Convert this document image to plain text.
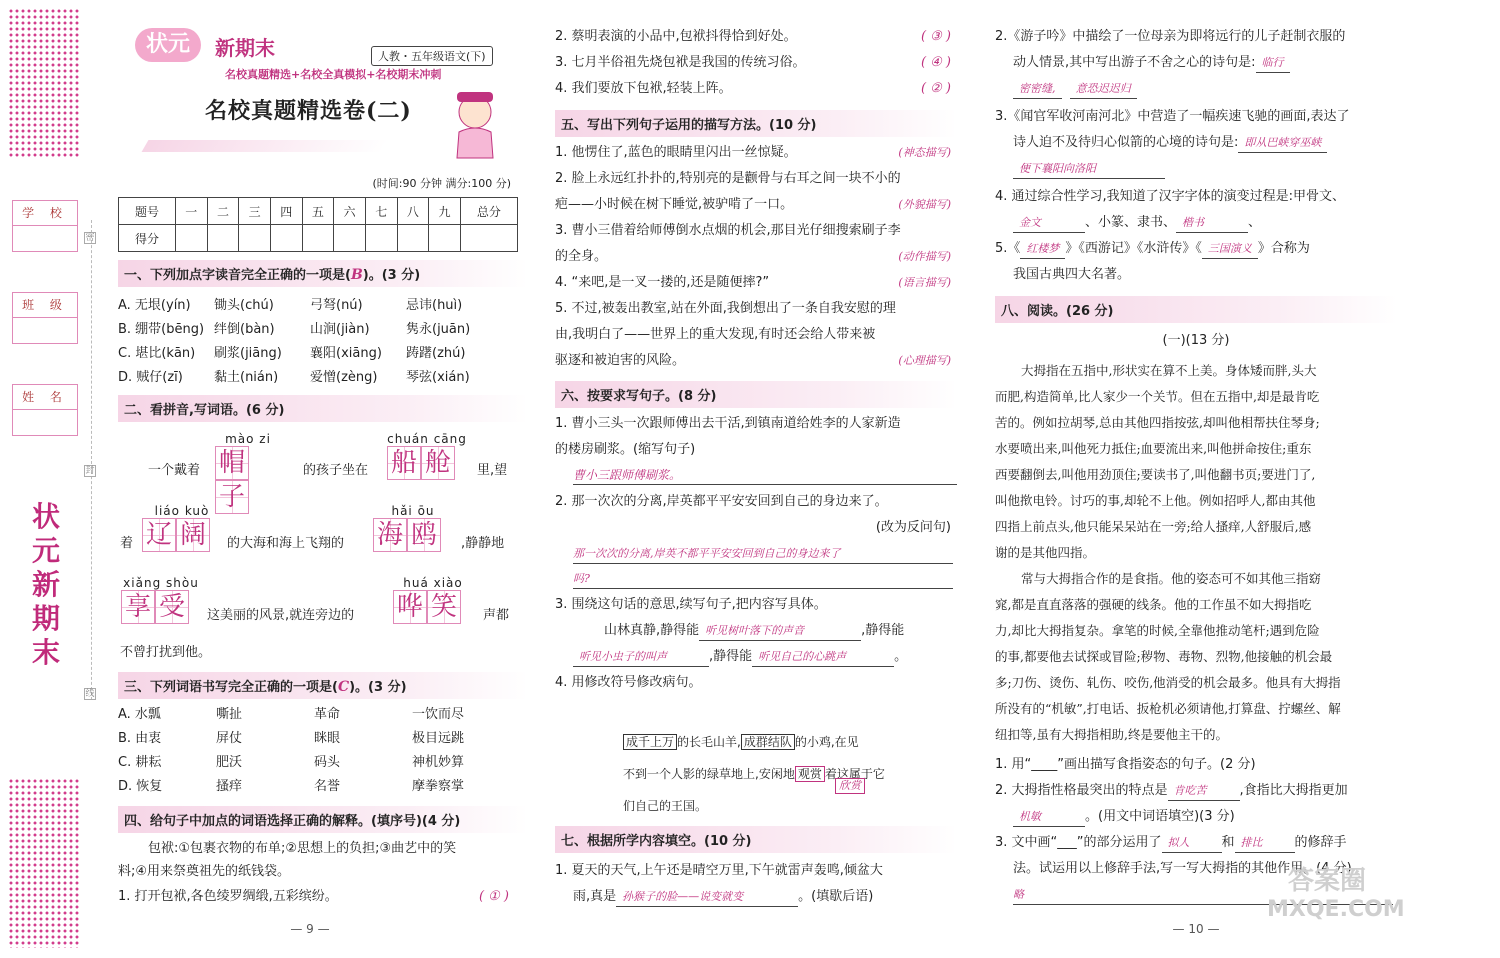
学 校
班 级
姓 名
密
封
线
状元 新期末
状元	新期末	人教・五年级语文(下)
名校真题精选+名校全真模拟+名校期末冲刺
名校真题精选卷(二)
(时间:90 分钟 满分:100 分)
题号	一	二	三	四	五	六	七	八	九	总分
得分										
一、下列加点字读音完全正确的一项是(B)。(3 分)
A. 无垠(yín)	锄头(chú)	弓弩(nú)	忌讳(huì)
B. 绷带(bēng) 绊倒(bàn)	山涧(jiàn)	隽永(juān)
C. 堪比(kān)	刷浆(jiāng)	襄阳(xiāng)	踌躇(zhú)
D. 贼仔(zī)	黏土(nián)	爱憎(zèng)	琴弦(xián)
二、看拼音,写词语。(6 分)
mào zi
帽子
chuán cāng
船 舱
一个戴着	的孩子坐在	里,望
liáo kuò
辽 阔
hǎi ōu
海 鸥
着	的大海和海上飞翔的	,静静地
xiǎng shòu
享 受
huá xiào
哗 笑
这美丽的风景,就连旁边的	声都
不曾打扰到他。
三、下列词语书写完全正确的一项是(C)。(3 分)
A. 水瓢	嘶扯	革命	一饮而尽
B. 由衷	屏仗	眯眼	极目远跳
C. 耕耘	肥沃	码头	神机妙算
D. 恢复	搔痒	名誉	摩拳察掌
四、给句子中加点的词语选择正确的解释。(填序号)(4 分)
包袱:①包裹衣物的布单;②思想上的负担;③曲艺中的笑
料;④用来祭奠祖先的纸钱袋。
1. 打开包袱,各色绫罗绸缎,五彩缤纷。	( ① )
— 9 —
2. 蔡明表演的小品中,包袱抖得恰到好处。	( ③ )
3. 七月半俗祖先烧包袱是我国的传统习俗。	( ④ )
4. 我们要放下包袱,轻装上阵。	( ② )
五、写出下列句子运用的描写方法。(10 分)
1. 他愣住了,蓝色的眼睛里闪出一丝惊疑。	(神态描写)
2. 脸上永远红扑扑的,特别亮的是颧骨与右耳之间一块不小的
疤——小时候在树下睡觉,被驴啃了一口。	(外貌描写)
3. 曹小三借着给师傅倒水点烟的机会,那目光仔细搜索刷子李
的全身。	(动作描写)
4. “来吧,是一叉一搂的,还是随便摔?”	(语言描写)
5. 不过,被轰出教室,站在外面,我倒想出了一条自我安慰的理
由,我明白了——世界上的重大发现,有时还会给人带来被
驱逐和被迫害的风险。	(心理描写)
六、按要求写句子。(8 分)
1. 曹小三头一次跟师傅出去干活,到镇南道给姓李的人家新造
的楼房刷浆。(缩写句子)
曹小三跟师傅刷浆。
2. 那一次次的分离,岸英都平平安安回到自己的身边来了。
(改为反问句)
那一次次的分离,岸英不都平平安安回到自己的身边来了
吗?
3. 围绕这句话的意思,续写句子,把内容写具体。
山林真静,静得能 听见树叶落下的声音	,静得能
听见小虫子的叫声	,静得能 听见自己的心跳声	。
4. 用修改符号修改病句。
成千上万 的长毛山羊, 成群结队 的小鸡,在见
不到一个人影的绿草地上,安闲地 观赏 着这属于它
欣赏
们自己的王国。
七、根据所学内容填空。(10 分)
1. 夏天的天气,上午还是晴空万里,下午就雷声轰鸣,倾盆大
雨,真是 孙猴子的脸——说变就变	。(填歇后语)
2.《游子吟》中描绘了一位母亲为即将远行的儿子赶制衣服的
动人情景,其中写出游子不舍之心的诗句是: 临行
密密缝, 意恐迟迟归
3.《闻官军收河南河北》中营造了一幅疾速飞驰的画面,表达了
诗人迫不及待归心似箭的心境的诗句是: 即从巴峡穿巫峡
便下襄阳向洛阳
4. 通过综合性学习,我知道了汉字字体的演变过程是:甲骨文、
金文	、小篆、隶书、 楷书	、
5.《 红楼梦 》《西游记》《水浒传》《 三国演义 》合称为
我国古典四大名著。
八、阅读。(26 分)
(一)(13 分)
大拇指在五指中,形状实在算不上美。身体矮而胖,头大
而肥,构造简单,比人家少一个关节。但在五指中,却是最肯吃
苦的。例如拉胡琴,总由其他四指按弦,却叫他相帮扶住琴身;
水要喷出来,叫他死力抵住;血要流出来,叫他拼命按住;重东
西要翻倒去,叫他用劲顶住;要读书了,叫他翻书页;要进门了,
叫他揿电铃。讨巧的事,却轮不上他。例如招呼人,都由其他
四指上前点头,他只能呆呆站在一旁;给人搔痒,人舒服后,感
谢的是其他四指。
常与大拇指合作的是食指。他的姿态可不如其他三指窈
窕,都是直直落落的强硬的线条。他的工作虽不如大拇指吃
力,却比大拇指复杂。拿笔的时候,全靠他推动笔杆;遇到危险
的事,都要他去试探或冒险;秽物、毒物、烈物,他接触的机会最
多;刀伤、烫伤、轧伤、咬伤,他消受的机会最多。他具有大拇指
所没有的“机敏”,打电话、扳枪机必须请他,打算盘、拧螺丝、解
纽扣等,虽有大拇指相助,终是要他主干的。
1. 用“____”画出描写食指姿态的句子。(2 分)
2. 大拇指性格最突出的特点是 肯吃苦	,食指比大拇指更加
机敏	。(用文中词语填空)(3 分)
3. 文中画“___”的部分运用了 拟人 和 排比 的修辞手
法。试运用以上修辞手法,写一写大拇指的其他作用。(4 分)
略
— 10 —
答案圈
MXQE.COM
